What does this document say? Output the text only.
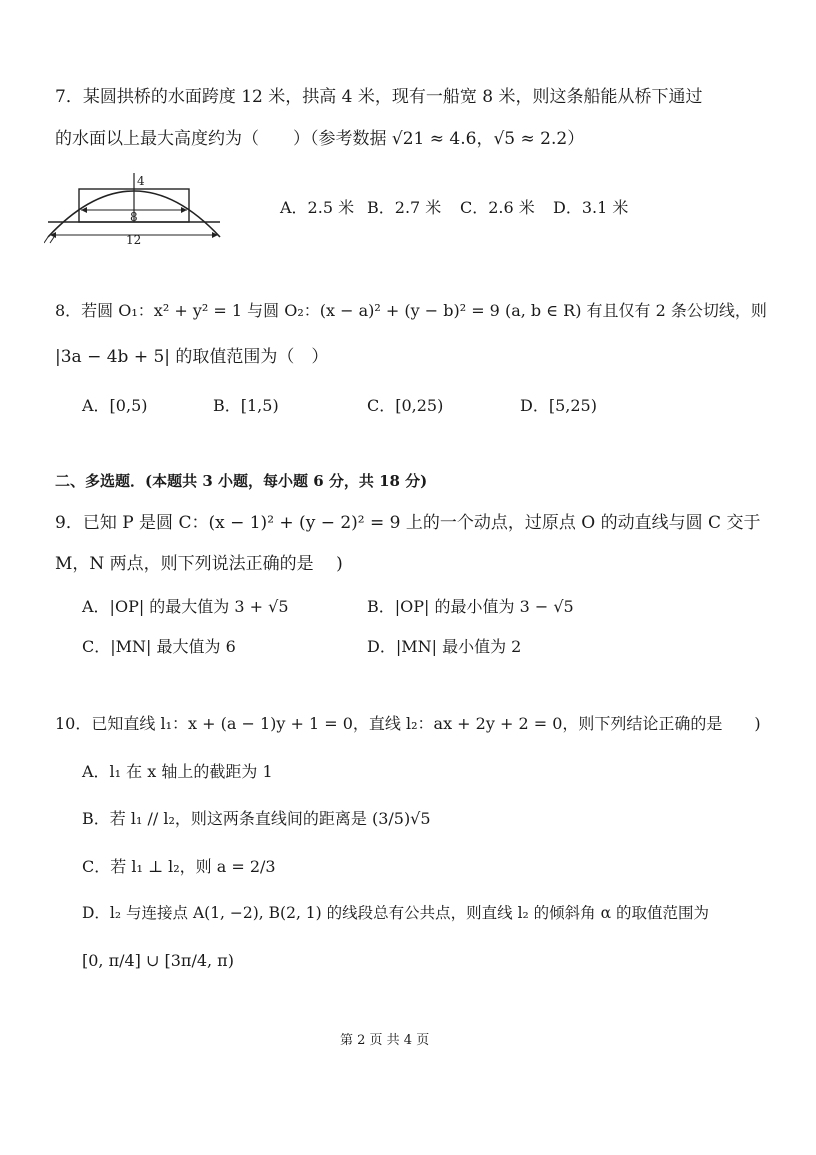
7．某圆拱桥的水面跨度 12 米，拱高 4 米，现有一船宽 8 米，则这条船能从桥下通过
的水面以上最大高度约为（　　）（参考数据 √21 ≈ 4.6，√5 ≈ 2.2）
4
8
12
A．2.5 米 B．2.7 米 C．2.6 米 D．3.1 米
8．若圆 O₁：x² + y² = 1 与圆 O₂：(x − a)² + (y − b)² = 9 (a, b ∈ R) 有且仅有 2 条公切线，则
|3a − 4b + 5| 的取值范围为（　）
A．[0,5)	B．[1,5)	C．[0,25)	D．[5,25)
二、多选题．(本题共 3 小题，每小题 6 分，共 18 分)
9．已知 P 是圆 C：(x − 1)² + (y − 2)² = 9 上的一个动点，过原点 O 的动直线与圆 C 交于
M，N 两点，则下列说法正确的是　 )
A．|OP| 的最大值为 3 + √5	B．|OP| 的最小值为 3 − √5
C．|MN| 最大值为 6	D．|MN| 最小值为 2
10．已知直线 l₁：x + (a − 1)y + 1 = 0，直线 l₂：ax + 2y + 2 = 0，则下列结论正确的是　　)
A．l₁ 在 x 轴上的截距为 1
B．若 l₁ // l₂，则这两条直线间的距离是 (3/5)√5
C．若 l₁ ⊥ l₂，则 a = 2/3
D．l₂ 与连接点 A(1, −2), B(2, 1) 的线段总有公共点，则直线 l₂ 的倾斜角 α 的取值范围为
[0, π/4] ∪ [3π/4, π)
第 2 页 共 4 页
